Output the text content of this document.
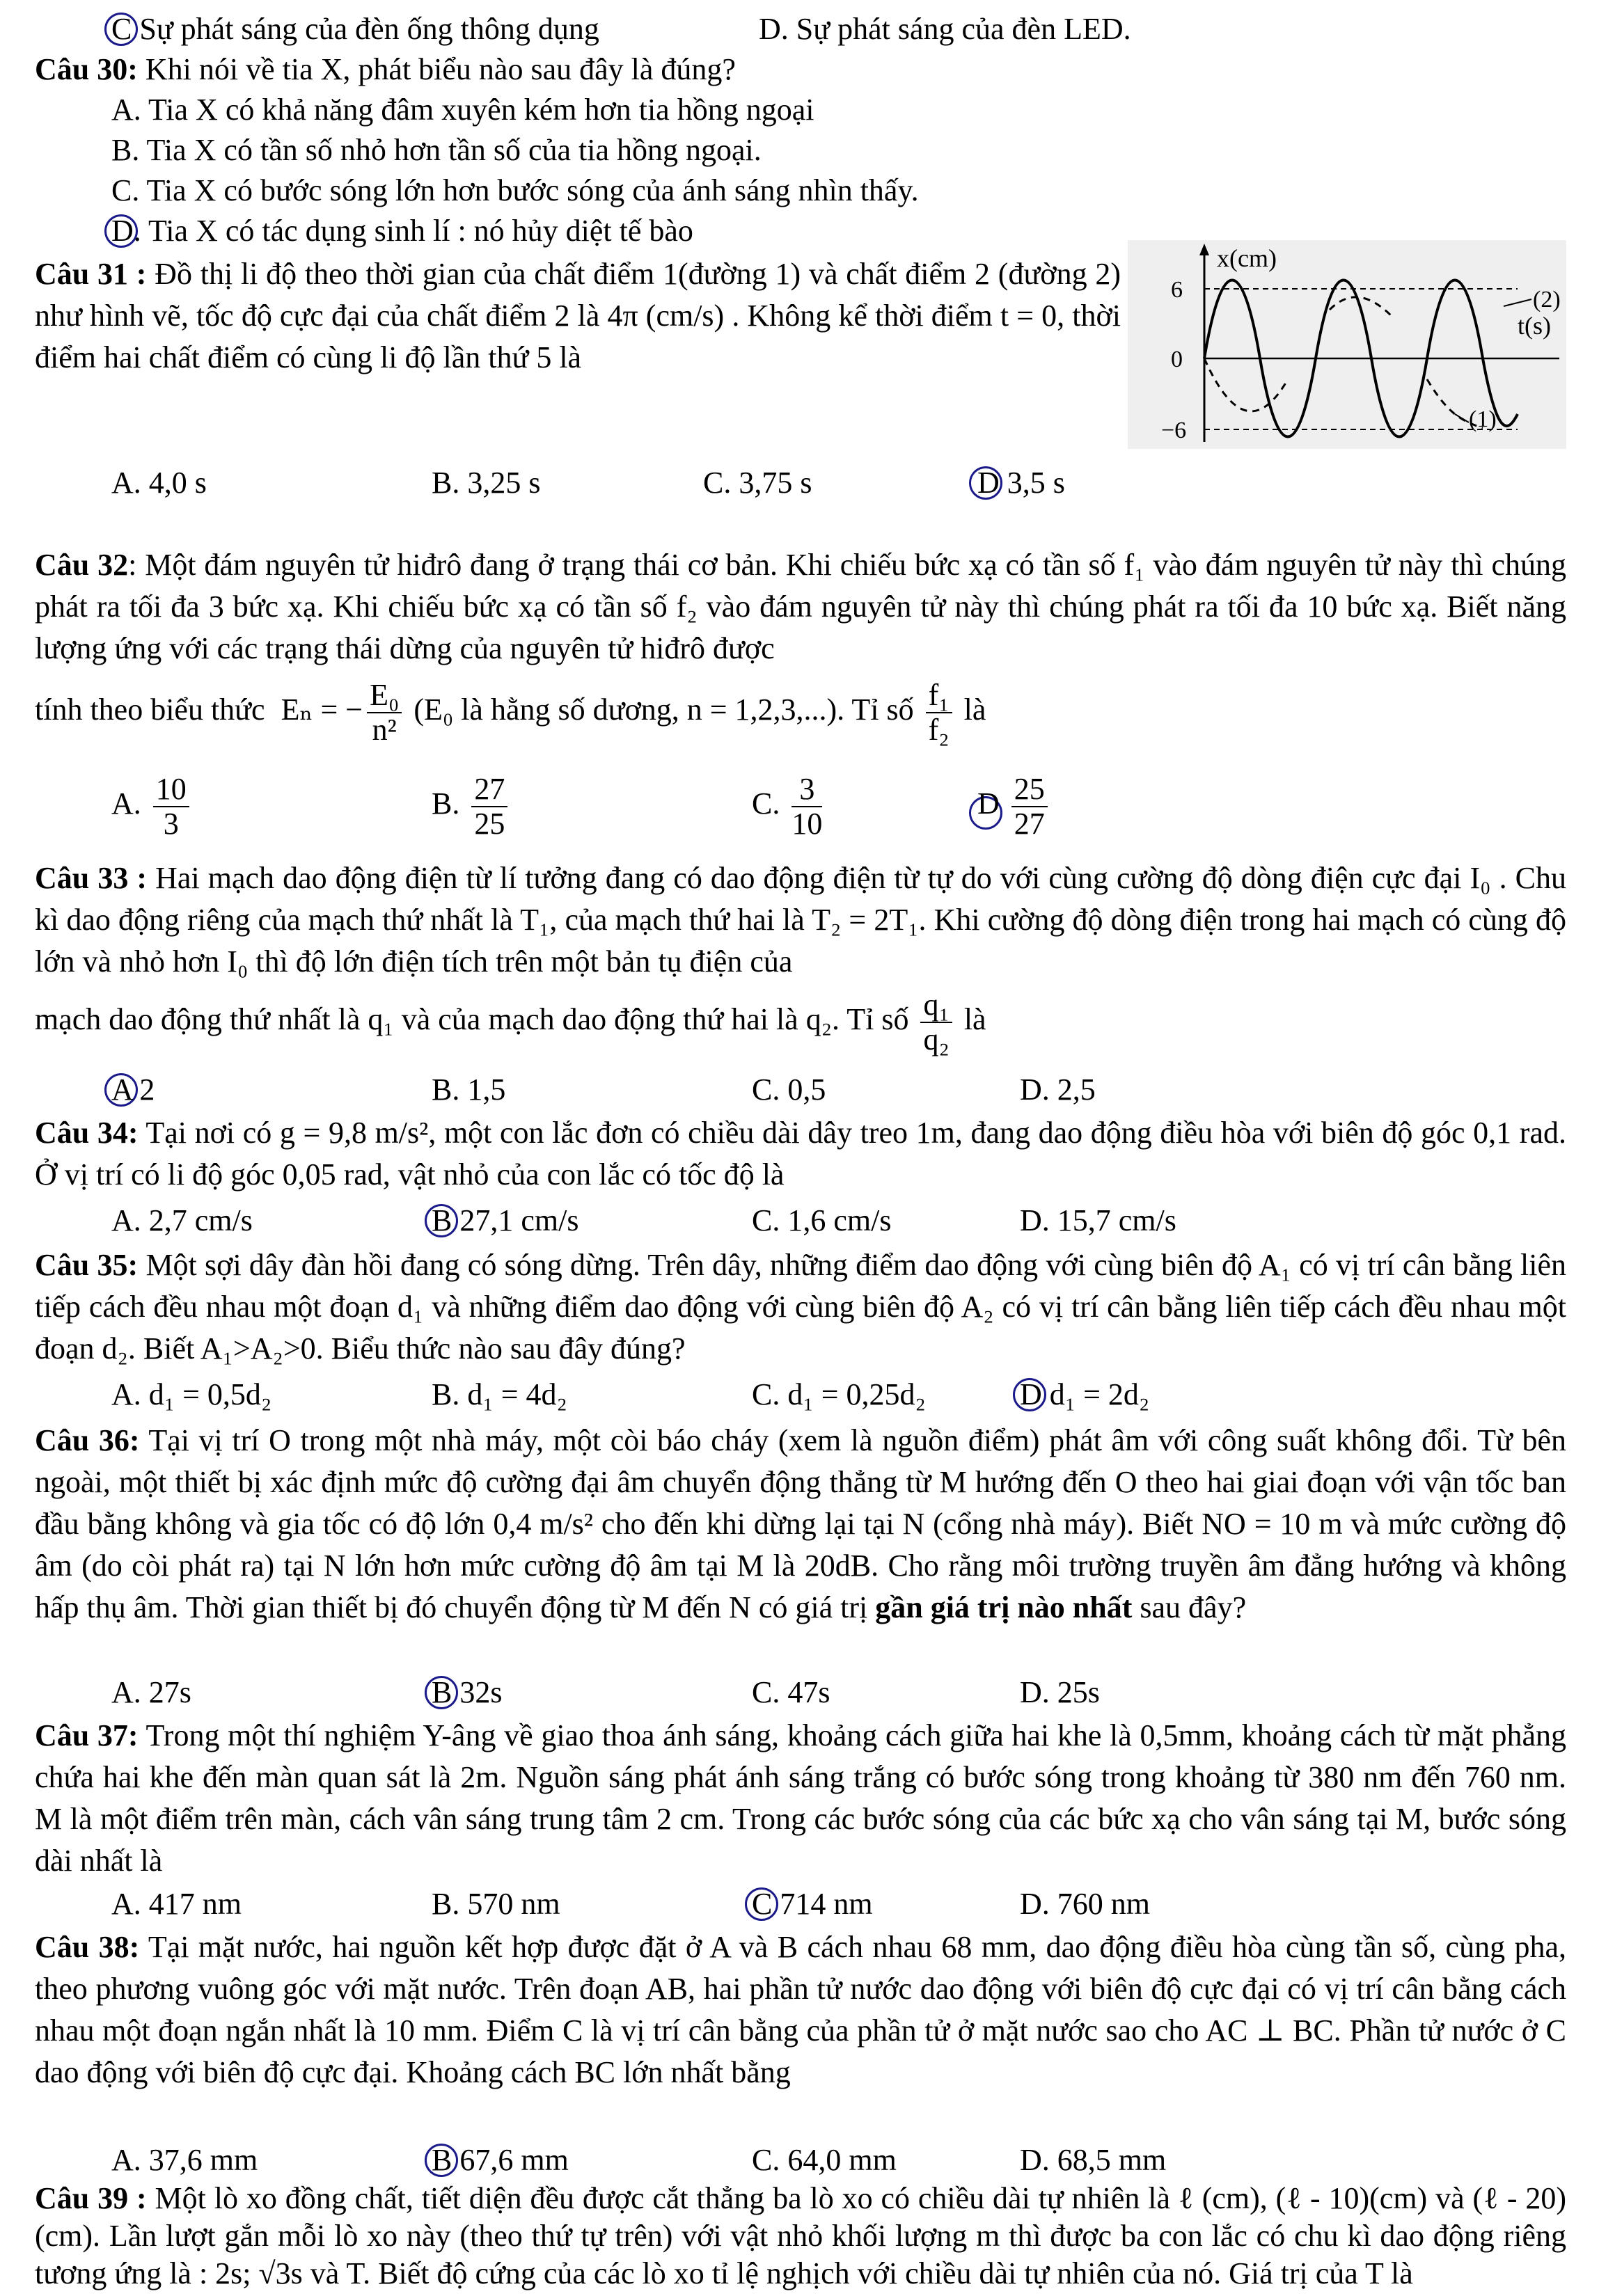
C Sự phát sáng của đèn ống thông dụng	D. Sự phát sáng của đèn LED.
Câu 30: Khi nói về tia X, phát biểu nào sau đây là đúng?
A. Tia X có khả năng đâm xuyên kém hơn tia hồng ngoại
B. Tia X có tần số nhỏ hơn tần số của tia hồng ngoại.
C. Tia X có bước sóng lớn hơn bước sóng của ánh sáng nhìn thấy.
D. Tia X có tác dụng sinh lí : nó hủy diệt tế bào
Câu 31 : Đồ thị li độ theo thời gian của chất điểm 1(đường 1) và chất điểm 2 (đường 2) như hình vẽ, tốc độ cực đại của chất điểm 2 là 4π (cm/s) . Không kể thời điểm t = 0, thời điểm hai chất điểm có cùng li độ lần thứ 5 là
x(cm)
t(s)
6
0
−6
(2)
(1)
A. 4,0 s	B. 3,25 s	C. 3,75 s	D 3,5 s
Câu 32: Một đám nguyên tử hiđrô đang ở trạng thái cơ bản. Khi chiếu bức xạ có tần số f₁ vào đám nguyên tử này thì chúng phát ra tối đa 3 bức xạ. Khi chiếu bức xạ có tần số f₂ vào đám nguyên tử này thì chúng phát ra tối đa 10 bức xạ. Biết năng lượng ứng với các trạng thái dừng của nguyên tử hiđrô được
tính theo biểu thức Eₙ = − $\frac{\text{E₀}}{\text{n²}} (E_0$ là hằng số dương, n = 1,2,3,...). Tỉ số $\frac{\text{f₁}}{\text{f₂}}$ là
A. $\frac{10}{3}$	B. $\frac{27}{25}$	C. $\frac{3}{10}$	D $\frac{25}{27}$
Câu 33 : Hai mạch dao động điện từ lí tưởng đang có dao động điện từ tự do với cùng cường độ dòng điện cực đại I₀ . Chu kì dao động riêng của mạch thứ nhất là T₁, của mạch thứ hai là T₂ = 2T₁. Khi cường độ dòng điện trong hai mạch có cùng độ lớn và nhỏ hơn I₀ thì độ lớn điện tích trên một bản tụ điện của
mạch dao động thứ nhất là q₁ và của mạch dao động thứ hai là q₂. Tỉ số $\frac{\text{q₁}}{\text{q₂}}$ là
A 2	B. 1,5	C. 0,5	D. 2,5
Câu 34: Tại nơi có g = 9,8 m/s², một con lắc đơn có chiều dài dây treo 1m, đang dao động điều hòa với biên độ góc 0,1 rad. Ở vị trí có li độ góc 0,05 rad, vật nhỏ của con lắc có tốc độ là
A. 2,7 cm/s	B 27,1 cm/s	C. 1,6 cm/s	D. 15,7 cm/s
Câu 35: Một sợi dây đàn hồi đang có sóng dừng. Trên dây, những điểm dao động với cùng biên độ A₁ có vị trí cân bằng liên tiếp cách đều nhau một đoạn d₁ và những điểm dao động với cùng biên độ A₂ có vị trí cân bằng liên tiếp cách đều nhau một đoạn d₂. Biết A₁>A₂>0. Biểu thức nào sau đây đúng?
A. d₁ = 0,5d₂	B. d₁ = 4d₂	C. d₁ = 0,25d₂	D d₁ = 2d₂
Câu 36: Tại vị trí O trong một nhà máy, một còi báo cháy (xem là nguồn điểm) phát âm với công suất không đổi. Từ bên ngoài, một thiết bị xác định mức độ cường đại âm chuyển động thẳng từ M hướng đến O theo hai giai đoạn với vận tốc ban đầu bằng không và gia tốc có độ lớn 0,4 m/s² cho đến khi dừng lại tại N (cổng nhà máy). Biết NO = 10 m và mức cường độ âm (do còi phát ra) tại N lớn hơn mức cường độ âm tại M là 20dB. Cho rằng môi trường truyền âm đẳng hướng và không hấp thụ âm. Thời gian thiết bị đó chuyển động từ M đến N có giá trị gần giá trị nào nhất sau đây?
A. 27s	B 32s	C. 47s	D. 25s
Câu 37: Trong một thí nghiệm Y-âng về giao thoa ánh sáng, khoảng cách giữa hai khe là 0,5mm, khoảng cách từ mặt phẳng chứa hai khe đến màn quan sát là 2m. Nguồn sáng phát ánh sáng trắng có bước sóng trong khoảng từ 380 nm đến 760 nm. M là một điểm trên màn, cách vân sáng trung tâm 2 cm. Trong các bước sóng của các bức xạ cho vân sáng tại M, bước sóng dài nhất là
A. 417 nm	B. 570 nm	C 714 nm	D. 760 nm
Câu 38: Tại mặt nước, hai nguồn kết hợp được đặt ở A và B cách nhau 68 mm, dao động điều hòa cùng tần số, cùng pha, theo phương vuông góc với mặt nước. Trên đoạn AB, hai phần tử nước dao động với biên độ cực đại có vị trí cân bằng cách nhau một đoạn ngắn nhất là 10 mm. Điểm C là vị trí cân bằng của phần tử ở mặt nước sao cho AC ⊥ BC. Phần tử nước ở C dao động với biên độ cực đại. Khoảng cách BC lớn nhất bằng
A. 37,6 mm	B 67,6 mm	C. 64,0 mm	D. 68,5 mm
Câu 39 : Một lò xo đồng chất, tiết diện đều được cắt thẳng ba lò xo có chiều dài tự nhiên là ℓ (cm), (ℓ - 10)(cm) và (ℓ - 20) (cm). Lần lượt gắn mỗi lò xo này (theo thứ tự trên) với vật nhỏ khối lượng m thì được ba con lắc có chu kì dao động riêng tương ứng là : 2s; √3s và T. Biết độ cứng của các lò xo tỉ lệ nghịch với chiều dài tự nhiên của nó. Giá trị của T là
